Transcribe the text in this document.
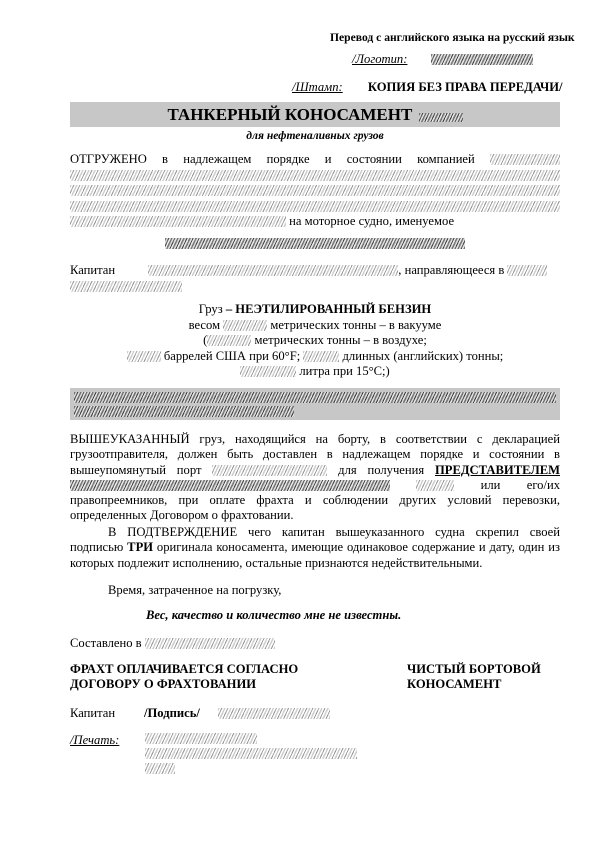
Перевод с английского языка на русский язык
/Логотип:
/Штамп: КОПИЯ БЕЗ ПРАВА ПЕРЕДАЧИ/
ТАНКЕРНЫЙ КОНОСАМЕНТ
для нефтеналивных грузов
ОТГРУЖЕНО в надлежащем порядке и состоянии компанией      на моторное судно, именуемое
Капитан	, направляющееся в
Груз – НЕЭТИЛИРОВАННЫЙ БЕНЗИН
весом	метрических тонны – в вакууме
(	метрических тонны – в воздухе;
баррелей США при 60°F;	длинных (английских) тонны;
литра при 15°C;)
ВЫШЕУКАЗАННЫЙ груз, находящийся на борту, в соответствии с декларацией грузоотправителя, должен быть доставлен в надлежащем порядке и состоянии в вышеупомянутый порт	для получения ПРЕДСТАВИТЕЛЕМ   или его/их правопреемников, при оплате фрахта и соблюдении других условий перевозки, определенных Договором о фрахтовании.
В ПОДТВЕРЖДЕНИЕ чего капитан вышеуказанного судна скрепил своей подписью ТРИ оригинала коносамента, имеющие одинаковое содержание и дату, один из которых подлежит исполнению, остальные признаются недействительными.
Время, затраченное на погрузку,
Вес, качество и количество мне не известны.
Составлено в
ФРАХТ ОПЛАЧИВАЕТСЯ СОГЛАСНО
ДОГОВОРУ О ФРАХТОВАНИИ
ЧИСТЫЙ БОРТОВОЙ
КОНОСАМЕНТ
Капитан /Подпись/
/Печать:
